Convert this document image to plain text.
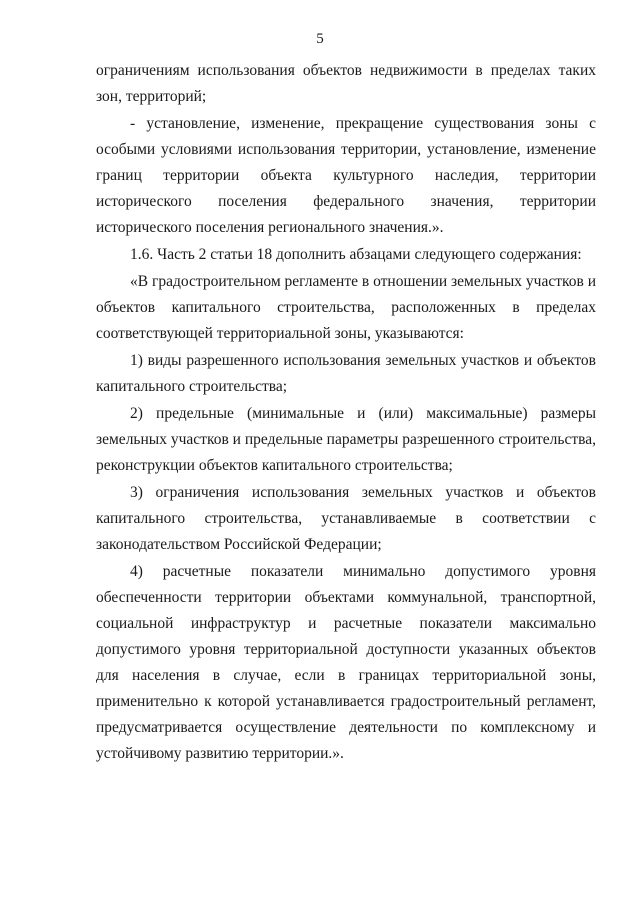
5

ограничениям использования объектов недвижимости в пределах таких зон, территорий;

- установление, изменение, прекращение существования зоны с особыми условиями использования территории, установление, изменение границ территории объекта культурного наследия, территории исторического поселения федерального значения, территории исторического поселения регионального значения.».

1.6. Часть 2 статьи 18 дополнить абзацами следующего содержания:

«В градостроительном регламенте в отношении земельных участков и объектов капитального строительства, расположенных в пределах соответствующей территориальной зоны, указываются:

1) виды разрешенного использования земельных участков и объектов капитального строительства;

2) предельные (минимальные и (или) максимальные) размеры земельных участков и предельные параметры разрешенного строительства, реконструкции объектов капитального строительства;

3) ограничения использования земельных участков и объектов капитального строительства, устанавливаемые в соответствии с законодательством Российской Федерации;

4) расчетные показатели минимально допустимого уровня обеспеченности территории объектами коммунальной, транспортной, социальной инфраструктур и расчетные показатели максимально допустимого уровня территориальной доступности указанных объектов для населения в случае, если в границах территориальной зоны, применительно к которой устанавливается градостроительный регламент, предусматривается осуществление деятельности по комплексному и устойчивому развитию территории.».
